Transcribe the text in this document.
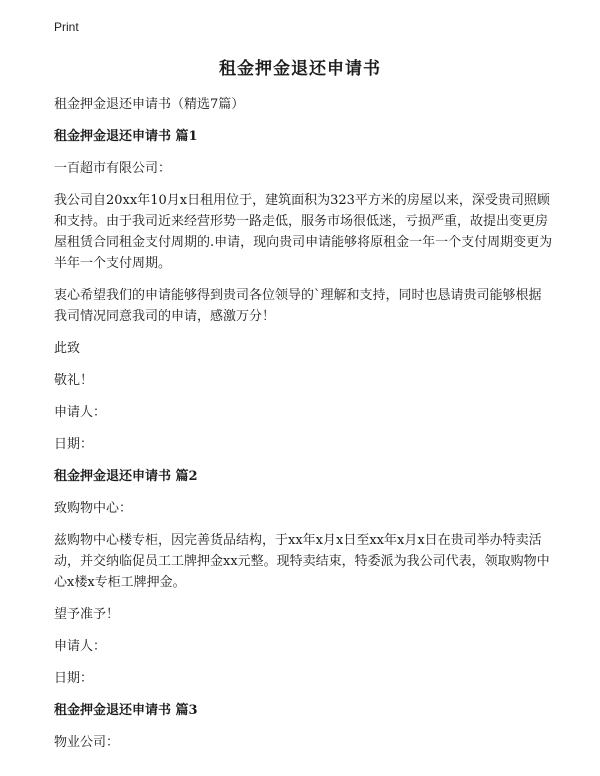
Print
租金押金退还申请书
租金押金退还申请书（精选7篇）
租金押金退还申请书 篇1
一百超市有限公司：
我公司自20xx年10月x日租用位于，建筑面积为323平方米的房屋以来，深受贵司照顾和支持。由于我司近来经营形势一路走低，服务市场很低迷，亏损严重，故提出变更房屋租赁合同租金支付周期的.申请，现向贵司申请能够将原租金一年一个支付周期变更为半年一个支付周期。
衷心希望我们的申请能够得到贵司各位领导的`理解和支持，同时也恳请贵司能够根据我司情况同意我司的申请，感激万分！
此致
敬礼！
申请人：
日期：
租金押金退还申请书 篇2
致购物中心：
兹购物中心楼专柜，因完善货品结构，于xx年x月x日至xx年x月x日在贵司举办特卖活动，并交纳临促员工工牌押金xx元整。现特卖结束，特委派为我公司代表，领取购物中心x楼x专柜工牌押金。
望予准予！
申请人：
日期：
租金押金退还申请书 篇3
物业公司：
